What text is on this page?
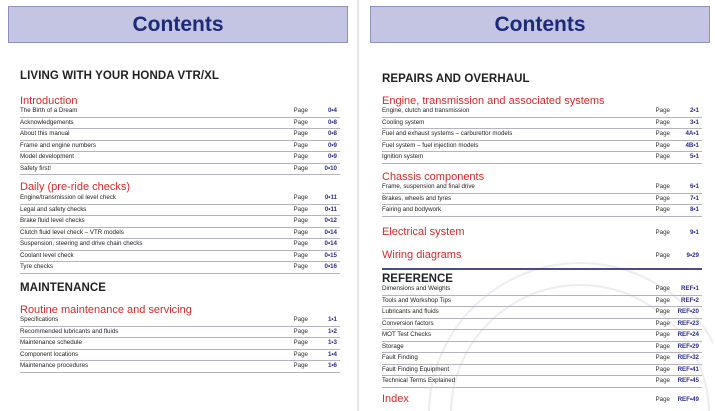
Contents
LIVING WITH YOUR HONDA VTR/XL
Introduction
The Birth of a Dream	Page	0•4
Acknowledgements	Page	0•8
About this manual	Page	0•8
Frame and engine numbers	Page	0•9
Model development	Page	0•9
Safety first!	Page	0•10
Daily (pre-ride checks)
Engine/transmission oil level check	Page	0•11
Legal and safety checks	Page	0•11
Brake fluid level checks	Page	0•12
Clutch fluid level check – VTR models	Page	0•14
Suspension, steering and drive chain checks	Page	0•14
Coolant level check	Page	0•15
Tyre checks	Page	0•16
MAINTENANCE
Routine maintenance and servicing
Specifications	Page	1•1
Recommended lubricants and fluids	Page	1•2
Maintenance schedule	Page	1•3
Component locations	Page	1•4
Maintenance procedures	Page	1•6
Contents
REPAIRS AND OVERHAUL
Engine, transmission and associated systems
Engine, clutch and transmission	Page	2•1
Cooling system	Page	3•1
Fuel and exhaust systems – carburettor models	Page 4A•1
Fuel system – fuel injection models	Page 4B•1
Ignition system	Page	5•1
Chassis components
Frame, suspension and final drive	Page	6•1
Brakes, wheels and tyres	Page	7•1
Fairing and bodywork	Page	8•1
Electrical system	Page	9•1
Wiring diagrams	Page	9•29
REFERENCE
Dimensions and Weights	Page REF•1
Tools and Workshop Tips	Page REF•2
Lubricants and fluids	Page REF•20
Conversion factors	Page REF•23
MOT Test Checks	Page REF•24
Storage	Page REF•29
Fault Finding	Page REF•32
Fault Finding Equipment	Page REF•41
Technical Terms Explained	Page REF•45
Index	Page REF•49
